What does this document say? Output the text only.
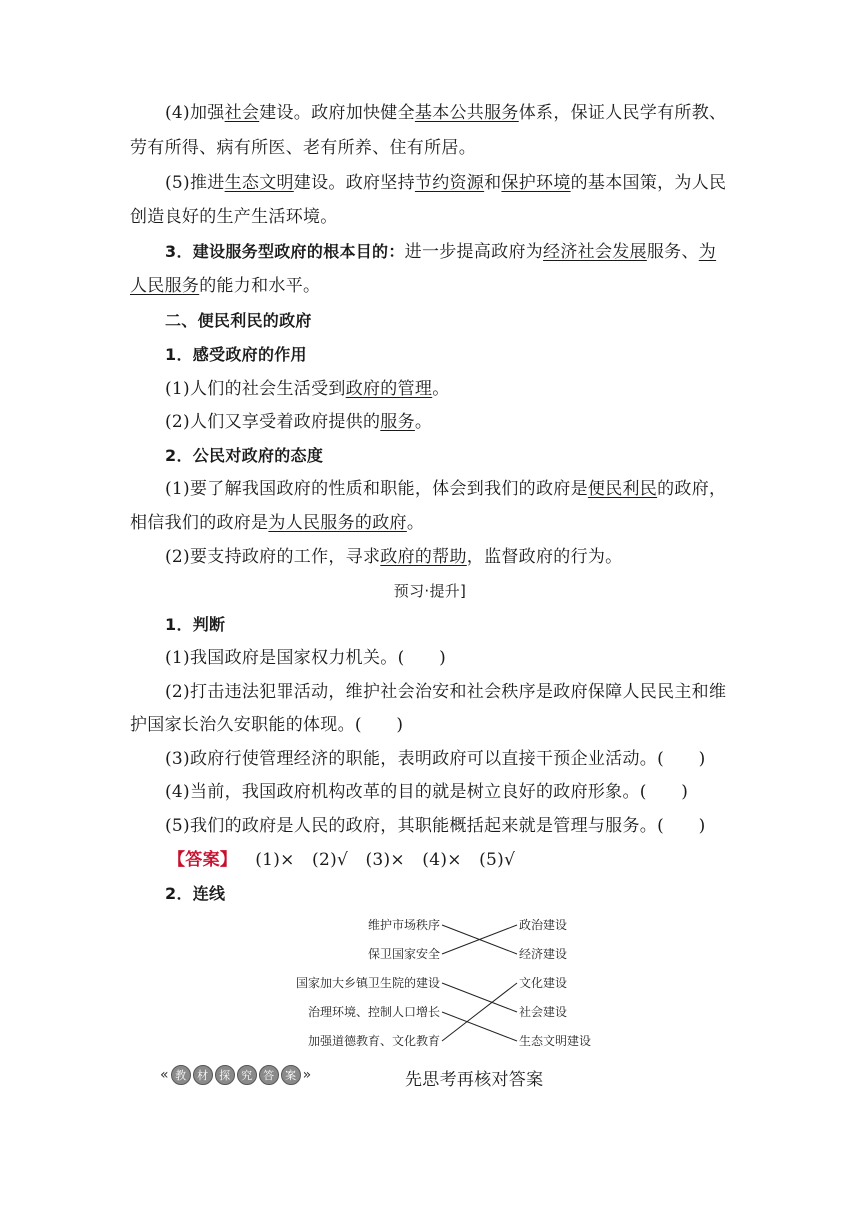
(4)加强社会建设。政府加快健全基本公共服务体系，保证人民学有所教、
劳有所得、病有所医、老有所养、住有所居。
(5)推进生态文明建设。政府坚持节约资源和保护环境的基本国策，为人民
创造良好的生产生活环境。
3．建设服务型政府的根本目的：进一步提高政府为经济社会发展服务、为
人民服务的能力和水平。
二、便民利民的政府
1．感受政府的作用
(1)人们的社会生活受到政府的管理。
(2)人们又享受着政府提供的服务。
2．公民对政府的态度
(1)要了解我国政府的性质和职能，体会到我们的政府是便民利民的政府，
相信我们的政府是为人民服务的政府。
(2)要支持政府的工作，寻求政府的帮助，监督政府的行为。
预习·提升]
1．判断
(1)我国政府是国家权力机关。(　　)
(2)打击违法犯罪活动，维护社会治安和社会秩序是政府保障人民民主和维
护国家长治久安职能的体现。(　　)
(3)政府行使管理经济的职能，表明政府可以直接干预企业活动。(　　)
(4)当前，我国政府机构改革的目的就是树立良好的政府形象。(　　)
(5)我们的政府是人民的政府，其职能概括起来就是管理与服务。(　　)
【答案】 (1)×　(2)√　(3)×　(4)×　(5)√
2．连线
维护市场秩序
保卫国家安全
国家加大乡镇卫生院的建设
治理环境、控制人口增长
加强道德教育、文化教育
政治建设
经济建设
文化建设
社会建设
生态文明建设
« 教	材	探	究	答	案 »	先思考再核对答案
